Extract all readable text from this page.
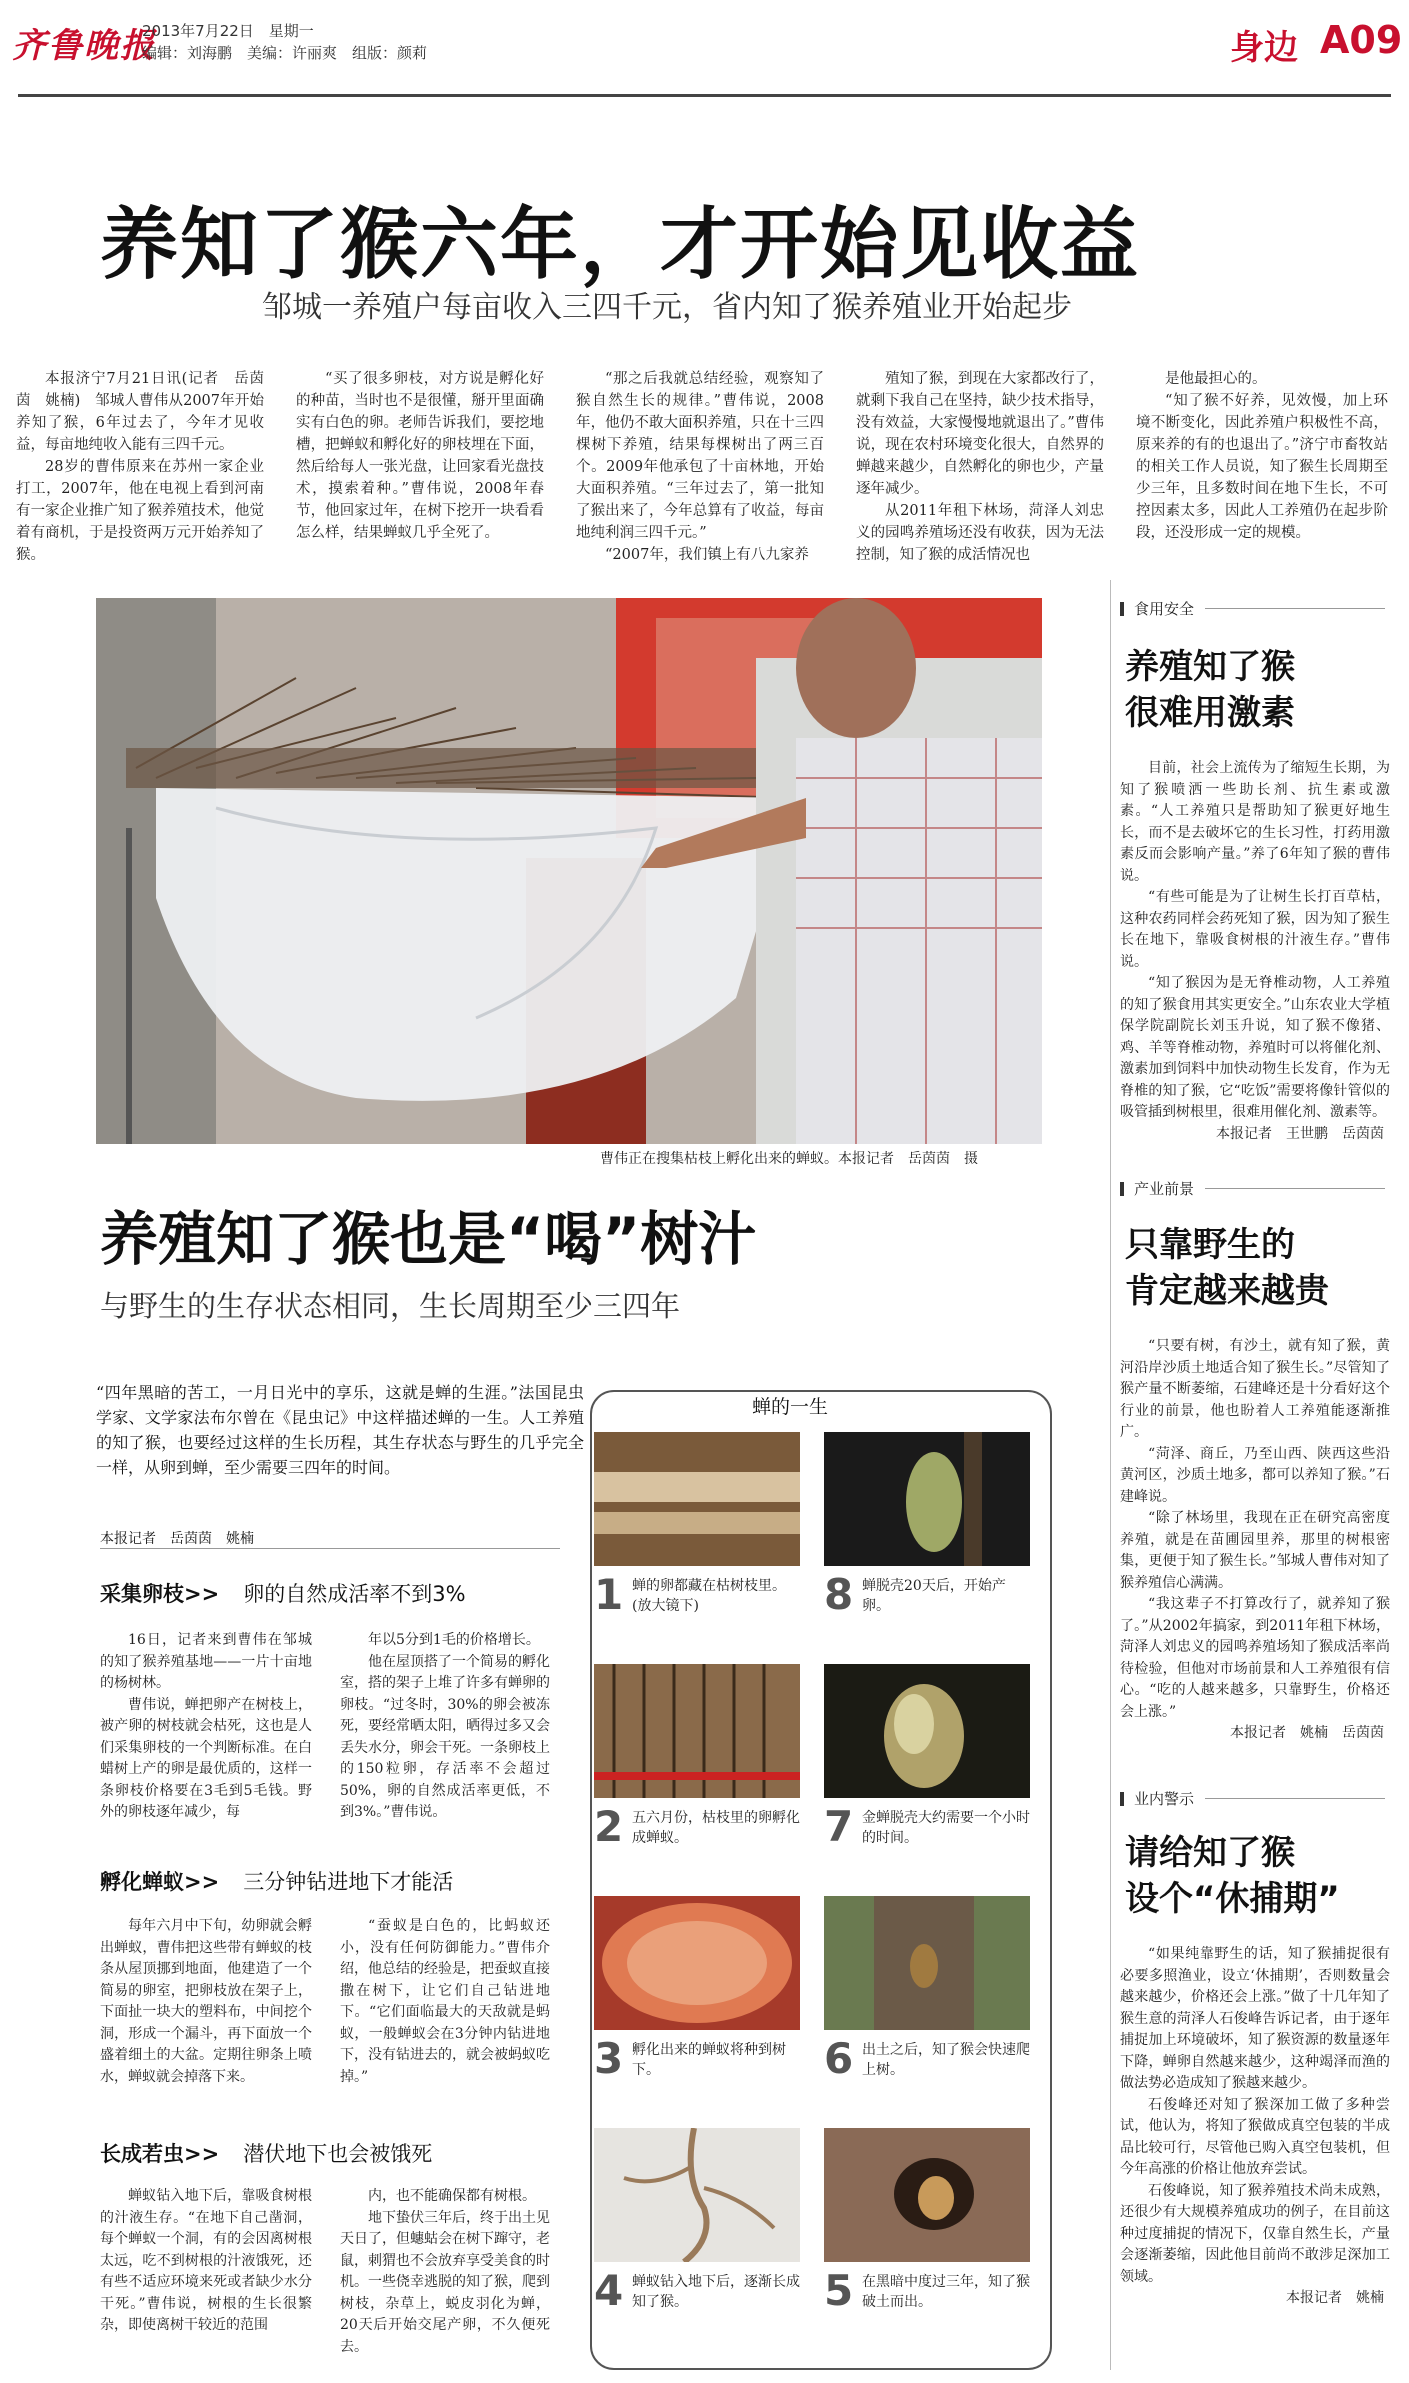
齐鲁晚报
2013年7月22日　星期一
编辑：刘海鹏　美编：许丽爽　组版：颜莉	身边 A09
养知了猴六年，才开始见收益
邹城一养殖户每亩收入三四千元，省内知了猴养殖业开始起步

本报济宁7月21日讯(记者　岳茵茵　姚楠)　邹城人曹伟从2007年开始养知了猴，6年过去了，今年才见收益，每亩地纯收入能有三四千元。

28岁的曹伟原来在苏州一家企业打工，2007年，他在电视上看到河南有一家企业推广知了猴养殖技术，他觉着有商机，于是投资两万元开始养知了猴。

“买了很多卵枝，对方说是孵化好的种苗，当时也不是很懂，掰开里面确实有白色的卵。老师告诉我们，要挖地槽，把蝉蚁和孵化好的卵枝埋在下面，然后给每人一张光盘，让回家看光盘技术，摸索着种。”曹伟说，2008年春节，他回家过年，在树下挖开一块看看怎么样，结果蝉蚁几乎全死了。

“那之后我就总结经验，观察知了猴自然生长的规律。”曹伟说，2008年，他仍不敢大面积养殖，只在十三四棵树下养殖，结果每棵树出了两三百个。2009年他承包了十亩林地，开始大面积养殖。“三年过去了，第一批知了猴出来了，今年总算有了收益，每亩地纯利润三四千元。”

“2007年，我们镇上有八九家养

殖知了猴，到现在大家都改行了，就剩下我自己在坚持，缺少技术指导，没有效益，大家慢慢地就退出了。”曹伟说，现在农村环境变化很大，自然界的蝉越来越少，自然孵化的卵也少，产量逐年减少。

从2011年租下林场，菏泽人刘忠义的园鸣养殖场还没有收获，因为无法控制，知了猴的成活情况也

是他最担心的。

“知了猴不好养，见效慢，加上环境不断变化，因此养殖户积极性不高，原来养的有的也退出了。”济宁市畜牧站的相关工作人员说，知了猴生长周期至少三年，且多数时间在地下生长，不可控因素太多，因此人工养殖仍在起步阶段，还没形成一定的规模。

曹伟正在搜集枯枝上孵化出来的蝉蚁。本报记者　岳茵茵　摄
养殖知了猴也是“喝”树汁
与野生的生存状态相同，生长周期至少三四年
“四年黑暗的苦工，一月日光中的享乐，这就是蝉的生涯。”法国昆虫学家、文学家法布尔曾在《昆虫记》中这样描述蝉的一生。人工养殖的知了猴，也要经过这样的生长历程，其生存状态与野生的几乎完全一样，从卵到蝉，至少需要三四年的时间。
本报记者　岳茵茵　姚楠
采集卵枝>> 卵的自然成活率不到3%

16日，记者来到曹伟在邹城的知了猴养殖基地——一片十亩地的杨树林。

曹伟说，蝉把卵产在树枝上，被产卵的树枝就会枯死，这也是人们采集卵枝的一个判断标准。在白蜡树上产的卵是最优质的，这样一条卵枝价格要在3毛到5毛钱。野外的卵枝逐年减少，每

年以5分到1毛的价格增长。

他在屋顶搭了一个简易的孵化室，搭的架子上堆了许多有蝉卵的卵枝。“过冬时，30%的卵会被冻死，要经常晒太阳，晒得过多又会丢失水分，卵会干死。一条卵枝上的150粒卵，存活率不会超过50%，卵的自然成活率更低，不到3%。”曹伟说。

孵化蝉蚁>> 三分钟钻进地下才能活

每年六月中下旬，幼卵就会孵出蝉蚁，曹伟把这些带有蝉蚁的枝条从屋顶挪到地面，他建造了一个简易的卵室，把卵枝放在架子上，下面扯一块大的塑料布，中间挖个洞，形成一个漏斗，再下面放一个盛着细土的大盆。定期往卵条上喷水，蝉蚁就会掉落下来。

“蚕蚁是白色的，比蚂蚁还小，没有任何防御能力。”曹伟介绍，他总结的经验是，把蚕蚁直接撒在树下，让它们自己钻进地下。“它们面临最大的天敌就是蚂蚁，一般蝉蚁会在3分钟内钻进地下，没有钻进去的，就会被蚂蚁吃掉。”

长成若虫>> 潜伏地下也会被饿死

蝉蚁钻入地下后，靠吸食树根的汁液生存。“在地下自己凿洞，每个蝉蚁一个洞，有的会因离树根太远，吃不到树根的汁液饿死，还有些不适应环境来死或者缺少水分干死。”曹伟说，树根的生长很繁杂，即使离树干较近的范围

内，也不能确保都有树根。

地下蛰伏三年后，终于出土见天日了，但蟪蛄会在树下蹿守，老鼠，刺猬也不会放弃享受美食的时机。一些侥幸逃脱的知了猴，爬到树枝，杂草上，蜕皮羽化为蝉，20天后开始交尾产卵，不久便死去。

蝉的一生
1 蝉的卵都藏在枯树枝里。(放大镜下)	8 蝉脱壳20天后，开始产卵。
2 五六月份，枯枝里的卵孵化成蝉蚁。	7 金蝉脱壳大约需要一个小时的时间。
3 孵化出来的蝉蚁将种到树下。	6 出土之后，知了猴会快速爬上树。
4 蝉蚁钻入地下后，逐渐长成知了猴。	5 在黑暗中度过三年，知了猴破土而出。
食用安全
养殖知了猴
很难用激素

目前，社会上流传为了缩短生长期，为知了猴喷洒一些助长剂、抗生素或激素。“人工养殖只是帮助知了猴更好地生长，而不是去破坏它的生长习性，打药用激素反而会影响产量。”养了6年知了猴的曹伟说。

“有些可能是为了让树生长打百草枯，这种农药同样会药死知了猴，因为知了猴生长在地下，靠吸食树根的汁液生存。”曹伟说。

“知了猴因为是无脊椎动物，人工养殖的知了猴食用其实更安全。”山东农业大学植保学院副院长刘玉升说，知了猴不像猪、鸡、羊等脊椎动物，养殖时可以将催化剂、激素加到饲料中加快动物生长发育，作为无脊椎的知了猴，它“吃饭”需要将像针管似的吸管插到树根里，很难用催化剂、激素等。

本报记者　王世鹏　岳茵茵
产业前景
只靠野生的
肯定越来越贵

“只要有树，有沙土，就有知了猴，黄河沿岸沙质土地适合知了猴生长。”尽管知了猴产量不断萎缩，石建峰还是十分看好这个行业的前景，他也盼着人工养殖能逐渐推广。

“菏泽、商丘，乃至山西、陕西这些沿黄河区，沙质土地多，都可以养知了猴。”石建峰说。

“除了林场里，我现在正在研究高密度养殖，就是在苗圃园里养，那里的树根密集，更便于知了猴生长。”邹城人曹伟对知了猴养殖信心满满。

“我这辈子不打算改行了，就养知了猴了。”从2002年搞家，到2011年租下林场，菏泽人刘忠义的园鸣养殖场知了猴成活率尚待检验，但他对市场前景和人工养殖很有信心。“吃的人越来越多，只靠野生，价格还会上涨。”

本报记者　姚楠　岳茵茵
业内警示
请给知了猴
设个“休捕期”

“如果纯靠野生的话，知了猴捕捉很有必要多照渔业，设立‘休捕期’，否则数量会越来越少，价格还会上涨。”做了十几年知了猴生意的菏泽人石俊峰告诉记者，由于逐年捕捉加上环境破坏，知了猴资源的数量逐年下降，蝉卵自然越来越少，这种竭泽而渔的做法势必造成知了猴越来越少。

石俊峰还对知了猴深加工做了多种尝试，他认为，将知了猴做成真空包装的半成品比较可行，尽管他已购入真空包装机，但今年高涨的价格让他放弃尝试。

石俊峰说，知了猴养殖技术尚未成熟，还很少有大规模养殖成功的例子，在目前这种过度捕捉的情况下，仅靠自然生长，产量会逐渐萎缩，因此他目前尚不敢涉足深加工领域。

本报记者　姚楠
